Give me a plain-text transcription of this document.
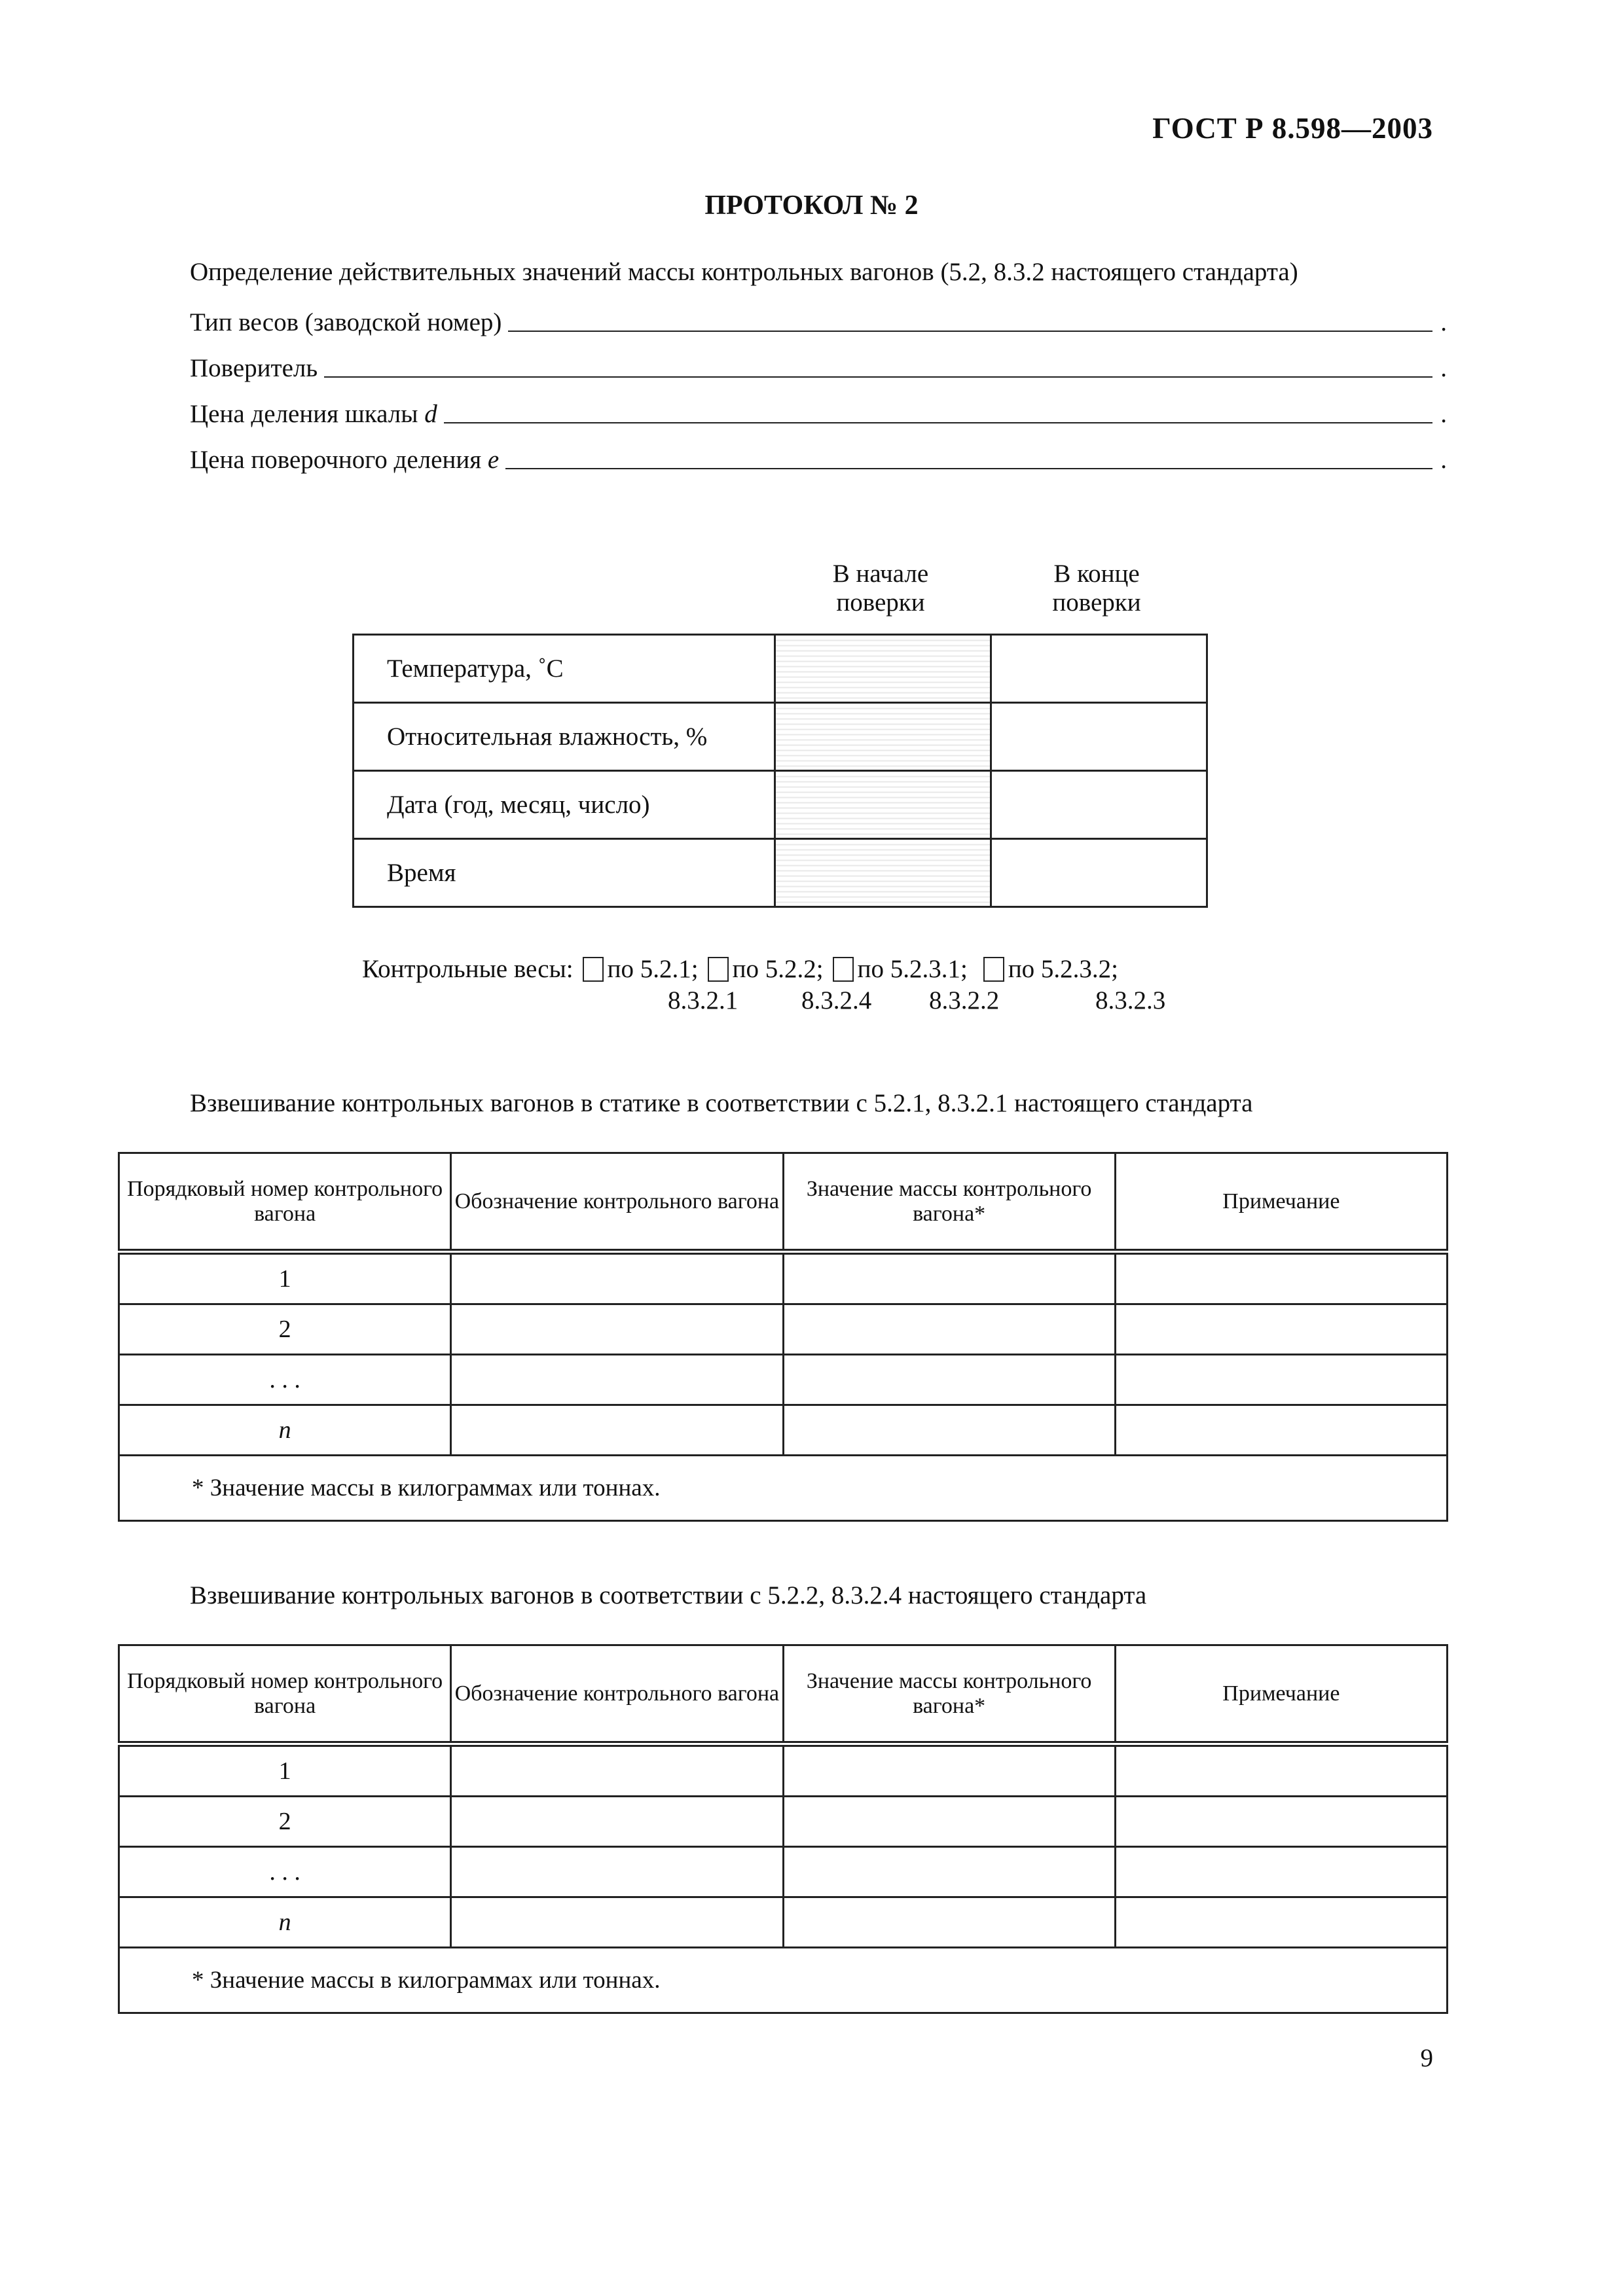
ГОСТ Р 8.598—2003
ПРОТОКОЛ № 2
Определение действительных значений массы контрольных вагонов (5.2, 8.3.2 настоящего стандарта)
Тип весов (заводской номер)	.
Поверитель	.
Цена деления шкалы d	.
Цена поверочного деления e	.
В начале поверки
В конце поверки
Температура, ˚С		
Относительная влажность, %		
Дата (год, месяц, число)		
Время		
Контрольные весы: по 5.2.1; по 5.2.2; по 5.2.3.1; по 5.2.3.2;
8.3.2.1 8.3.2.4 8.3.2.2	8.3.2.3
Взвешивание контрольных вагонов в статике в соответствии с 5.2.1, 8.3.2.1 настоящего стандарта
Порядковый номер контрольного вагона	Обозначение контрольного вагона	Значение массы контрольного вагона*	Примечание
1			
2			
. . .			
n			
* Значение массы в килограммах или тоннах.			
Взвешивание контрольных вагонов в соответствии с 5.2.2, 8.3.2.4 настоящего стандарта
Порядковый номер контрольного вагона	Обозначение контрольного вагона	Значение массы контрольного вагона*	Примечание
1			
2			
. . .			
n			
* Значение массы в килограммах или тоннах.			
9
